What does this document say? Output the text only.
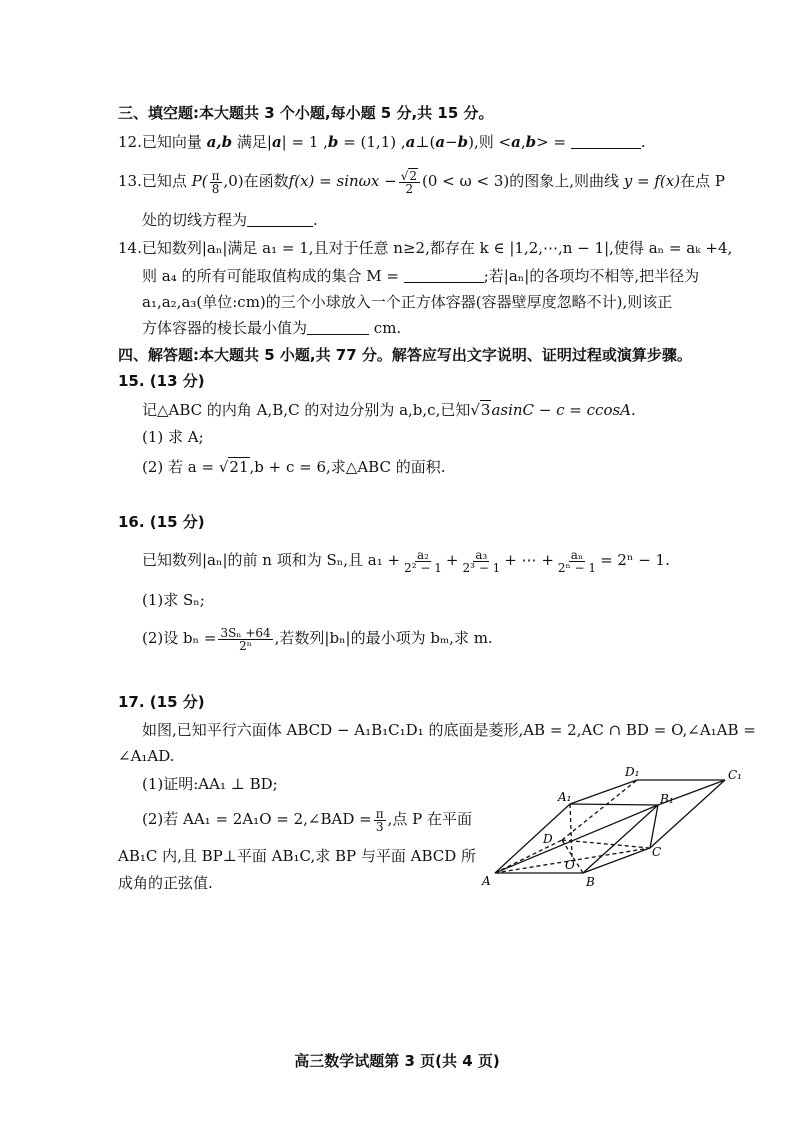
三、填空题:本大题共 3 个小题,每小题 5 分,共 15 分。
12.已知向量 a,b 满足|a| = 1 ,b = (1,1) ,a⊥(a−b),则 <a,b> =	.
13.已知点 $P( \frac{\pi}{8} ,0)$在函数$f(x) = \sin\omega x - \frac{√2}{2} (0 < \omega < 3)$的图象上,则曲线 y = f(x)在点 P
处的切线方程为	.
14.已知数列|aₙ|满足 a₁ = 1,且对于任意 n≥2,都存在 k ∈ |1,2,⋯,n − 1|,使得 aₙ = aₖ +4,
则 a₄ 的所有可能取值构成的集合 M =	;若|aₙ|的各项均不相等,把半径为
a₁,a₂,a₃(单位:cm)的三个小球放入一个正方体容器(容器壁厚度忽略不计),则该正
方体容器的棱长最小值为	cm.
四、解答题:本大题共 5 小题,共 77 分。解答应写出文字说明、证明过程或演算步骤。
15. (13 分)
记△ABC 的内角 A,B,C 的对边分别为 a,b,c,已知√3asinC − c = ccosA.
(1) 求 A;
(2) 若 a = √21,b + c = 6,求△ABC 的面积.
16. (15 分)
已知数列|aₙ|的前 n 项和为 Sₙ,且 $a_1 + \frac{\text{a₂}}{\text{2² − 1}} + \frac{\text{a₃}}{\text{2³ − 1}}$ + ⋯ + $\frac{\text{aₙ}}{\text{2ⁿ − 1}} = 2^n - 1$.
(1)求 Sₙ;
(2)设 $b_n = \frac{\text{3Sₙ +64}}{\text{2ⁿ}}$ ,若数列|bₙ|的最小项为 bₘ,求 m.
17. (15 分)
如图,已知平行六面体 ABCD − A₁B₁C₁D₁ 的底面是菱形,AB = 2,AC ∩ BD = O,∠A₁AB =
∠A₁AD.
(1)证明:AA₁ ⊥ BD;
(2)若 AA₁ = 2A₁O = 2,∠BAD = $\frac{\pi}{3}$ ,点 P 在平面
AB₁C 内,且 BP⊥平面 AB₁C,求 BP 与平面 ABCD 所
成角的正弦值.	A	B
C
D
O
A₁	B₁
C₁
D₁
高三数学试题第 3 页(共 4 页)
